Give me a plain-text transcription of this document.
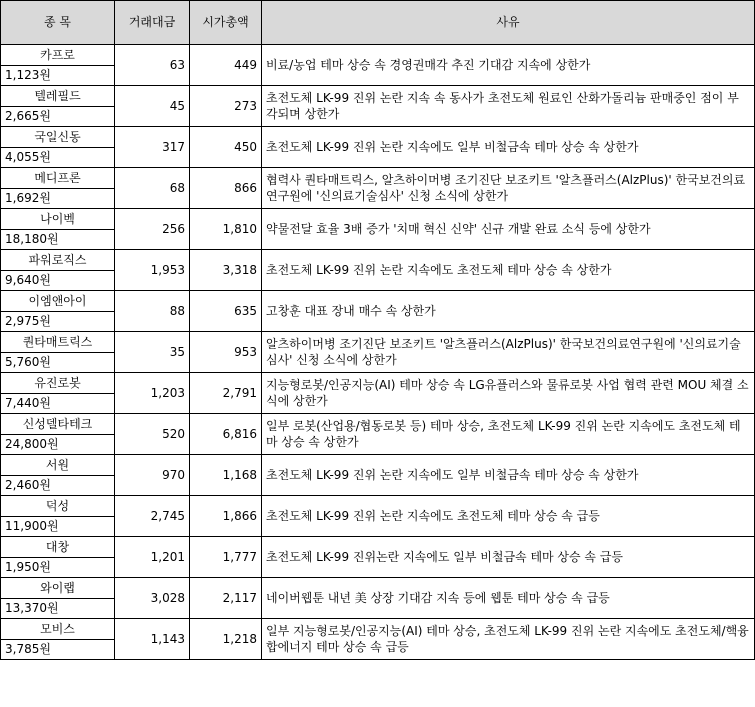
종 목	거래대금	시가총액	사유
카프로	63	449	비료/농업 테마 상승 속 경영권매각 추진 기대감 지속에 상한가
1,123원			
텔레필드	45	273	초전도체 LK-99 진위 논란 지속 속 동사가 초전도체 원료인 산화가돌리늄 판매중인 점이 부각되며 상한가
2,665원			
국일신동	317	450	초전도체 LK-99 진위 논란 지속에도 일부 비철금속 테마 상승 속 상한가
4,055원			
메디프론	68	866	협력사 퀀타매트릭스, 알츠하이머병 조기진단 보조키트 '알츠플러스(AlzPlus)' 한국보건의료연구원에 '신의료기술심사' 신청 소식에 상한가
1,692원			
나이벡	256	1,810	약물전달 효율 3배 증가 '치매 혁신 신약' 신규 개발 완료 소식 등에 상한가
18,180원			
파워로직스	1,953	3,318	초전도체 LK-99 진위 논란 지속에도 초전도체 테마 상승 속 상한가
9,640원			
이엠앤아이	88	635	고창훈 대표 장내 매수 속 상한가
2,975원			
퀀타매트릭스	35	953	알츠하이머병 조기진단 보조키트 '알츠플러스(AlzPlus)' 한국보건의료연구원에 '신의료기술심사' 신청 소식에 상한가
5,760원			
유진로봇	1,203	2,791	지능형로봇/인공지능(AI) 테마 상승 속 LG유플러스와 물류로봇 사업 협력 관련 MOU 체결 소식에 상한가
7,440원			
신성델타테크	520	6,816	일부 로봇(산업용/협동로봇 등) 테마 상승, 초전도체 LK-99 진위 논란 지속에도 초전도체 테마 상승 속 상한가
24,800원			
서원	970	1,168	초전도체 LK-99 진위 논란 지속에도 일부 비철금속 테마 상승 속 상한가
2,460원			
덕성	2,745	1,866	초전도체 LK-99 진위 논란 지속에도 초전도체 테마 상승 속 급등
11,900원			
대창	1,201	1,777	초전도체 LK-99 진위논란 지속에도 일부 비철금속 테마 상승 속 급등
1,950원			
와이랩	3,028	2,117	네이버웹툰 내년 美 상장 기대감 지속 등에 웹툰 테마 상승 속 급등
13,370원			
모비스	1,143	1,218	일부 지능형로봇/인공지능(AI) 테마 상승, 초전도체 LK-99 진위 논란 지속에도 초전도체/핵융합에너지 테마 상승 속 급등
3,785원			
